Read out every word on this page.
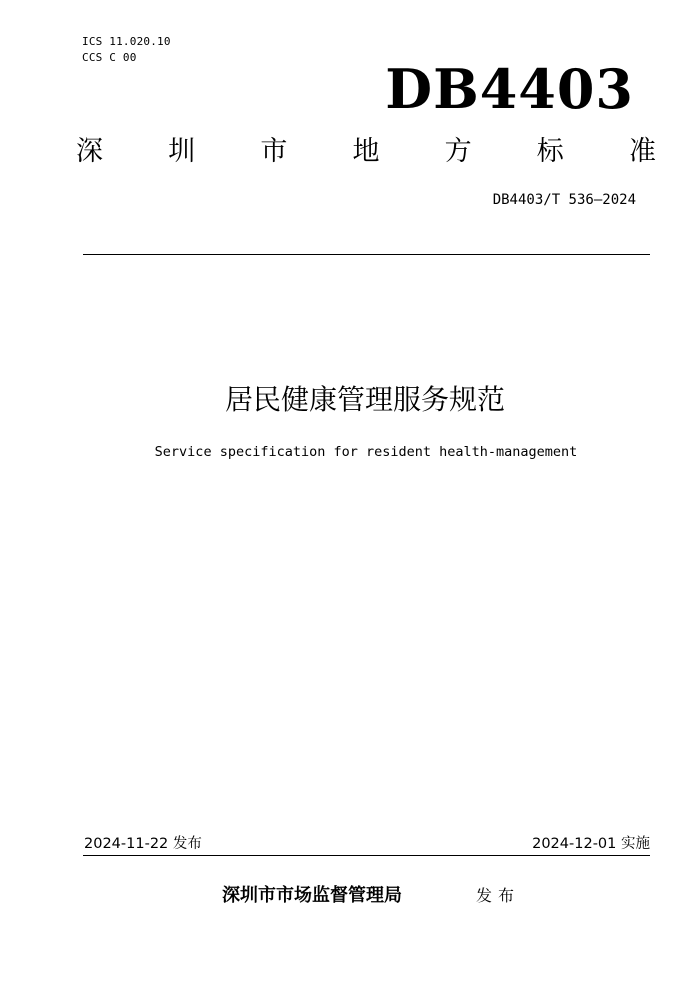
ICS 11.020.10
CCS C 00	DB4403
深 圳 市 地 方 标 准
DB4403/T 536—2024
居民健康管理服务规范
Service specification for resident health-management
2024-11-22 发布	2024-12-01 实施
深圳市市场监督管理局	发布
